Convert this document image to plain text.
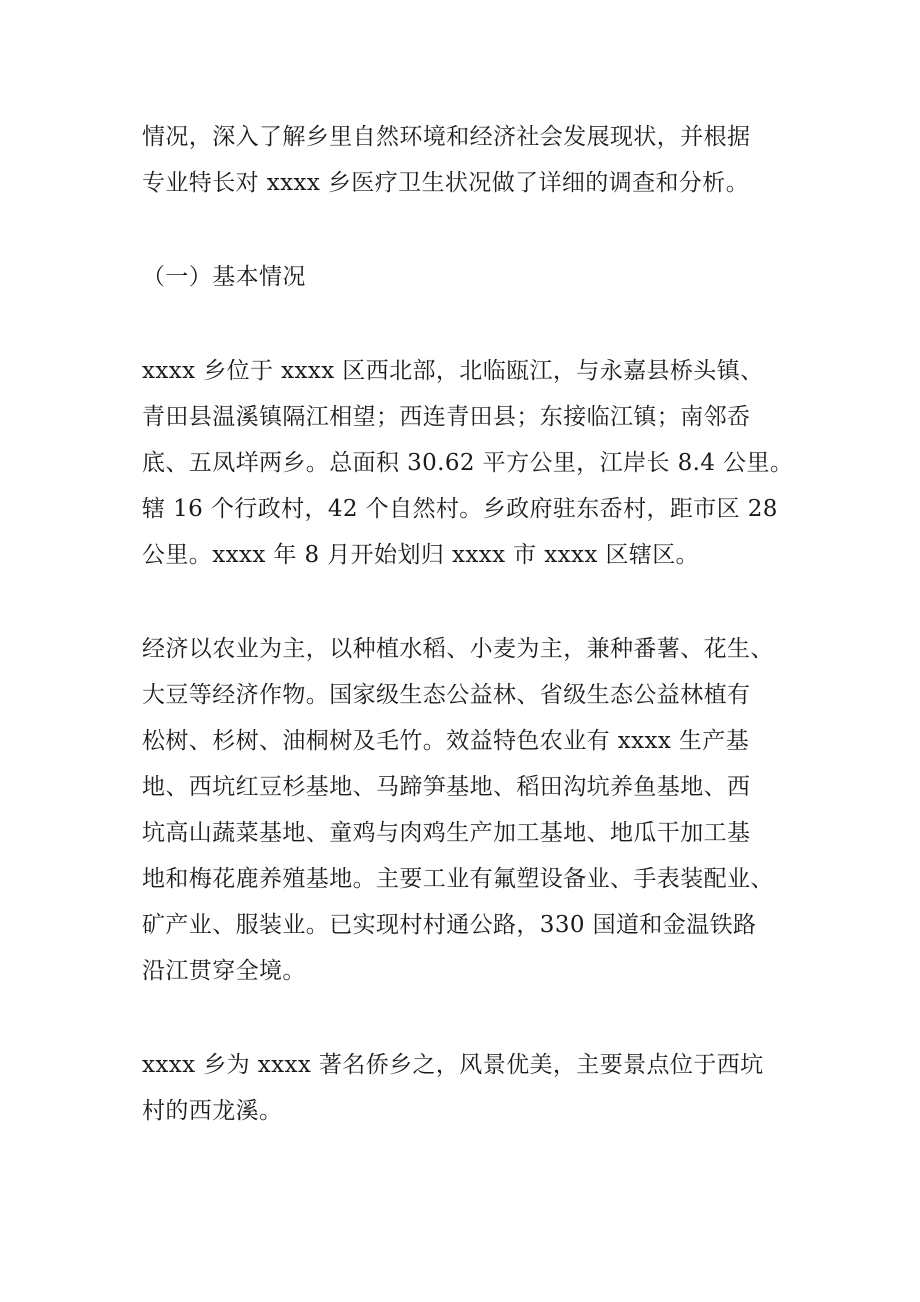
情况，深入了解乡里自然环境和经济社会发展现状，并根据
专业特长对 xxxx 乡医疗卫生状况做了详细的调查和分析。
（一）基本情况
xxxx 乡位于 xxxx 区西北部，北临瓯江，与永嘉县桥头镇、
青田县温溪镇隔江相望；西连青田县；东接临江镇；南邻岙
底、五凤垟两乡。总面积 30.62 平方公里，江岸长 8.4 公里。
辖 16 个行政村，42 个自然村。乡政府驻东岙村，距市区 28
公里。xxxx 年 8 月开始划归 xxxx 市 xxxx 区辖区。
经济以农业为主，以种植水稻、小麦为主，兼种番薯、花生、
大豆等经济作物。国家级生态公益林、省级生态公益林植有
松树、杉树、油桐树及毛竹。效益特色农业有 xxxx 生产基
地、西坑红豆杉基地、马蹄笋基地、稻田沟坑养鱼基地、西
坑高山蔬菜基地、童鸡与肉鸡生产加工基地、地瓜干加工基
地和梅花鹿养殖基地。主要工业有氟塑设备业、手表装配业、
矿产业、服装业。已实现村村通公路，330 国道和金温铁路
沿江贯穿全境。
xxxx 乡为 xxxx 著名侨乡之，风景优美，主要景点位于西坑
村的西龙溪。
